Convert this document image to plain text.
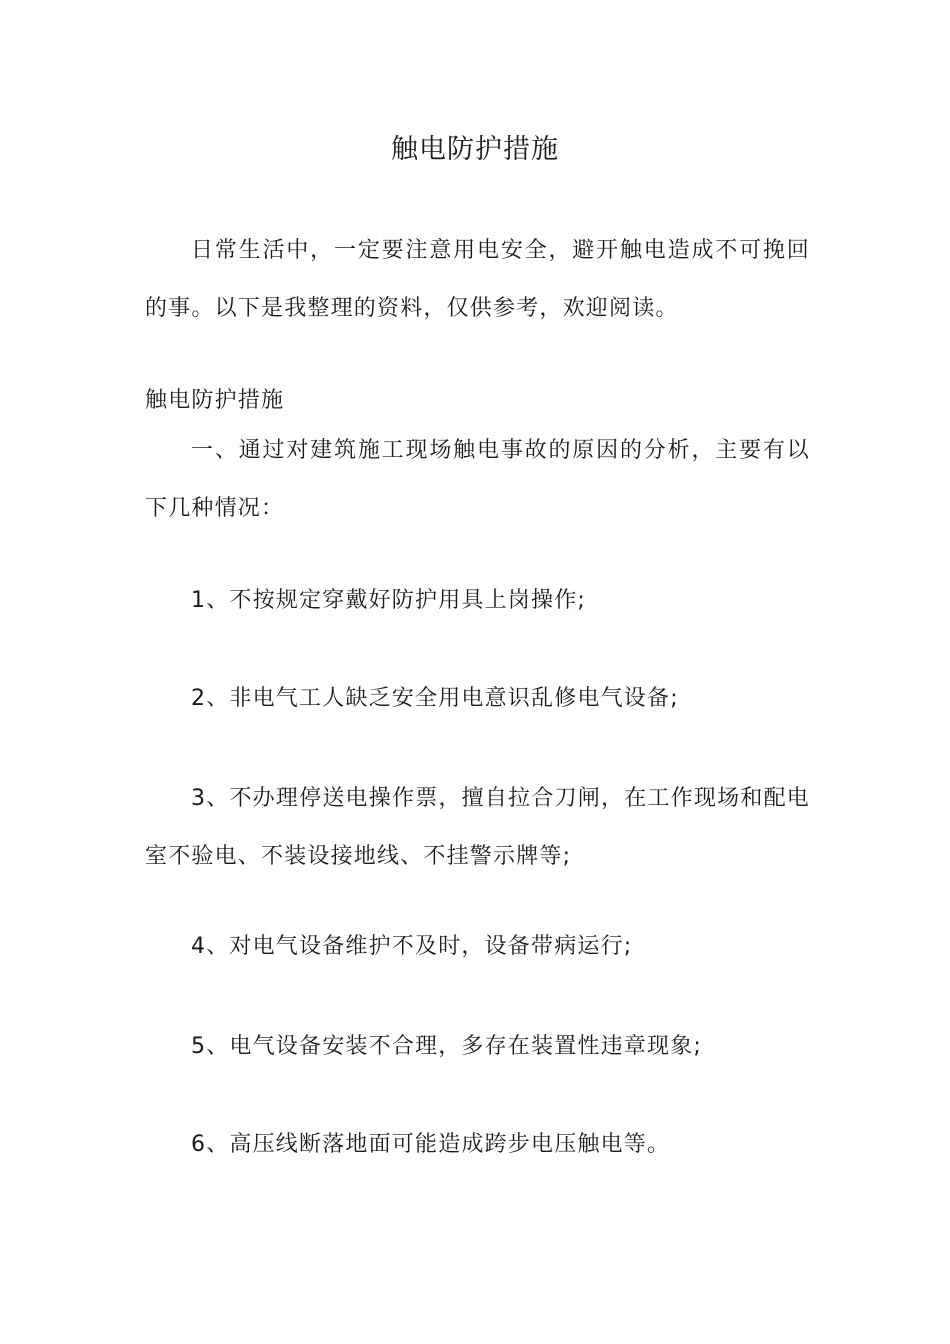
触电防护措施
日常生活中，一定要注意用电安全，避开触电造成不可挽回的事。以下是我整理的资料，仅供参考，欢迎阅读。
触电防护措施
一、通过对建筑施工现场触电事故的原因的分析，主要有以下几种情况：
1、不按规定穿戴好防护用具上岗操作;
2、非电气工人缺乏安全用电意识乱修电气设备;
3、不办理停送电操作票，擅自拉合刀闸，在工作现场和配电室不验电、不装设接地线、不挂警示牌等;
4、对电气设备维护不及时，设备带病运行;
5、电气设备安装不合理，多存在装置性违章现象;
6、高压线断落地面可能造成跨步电压触电等。
